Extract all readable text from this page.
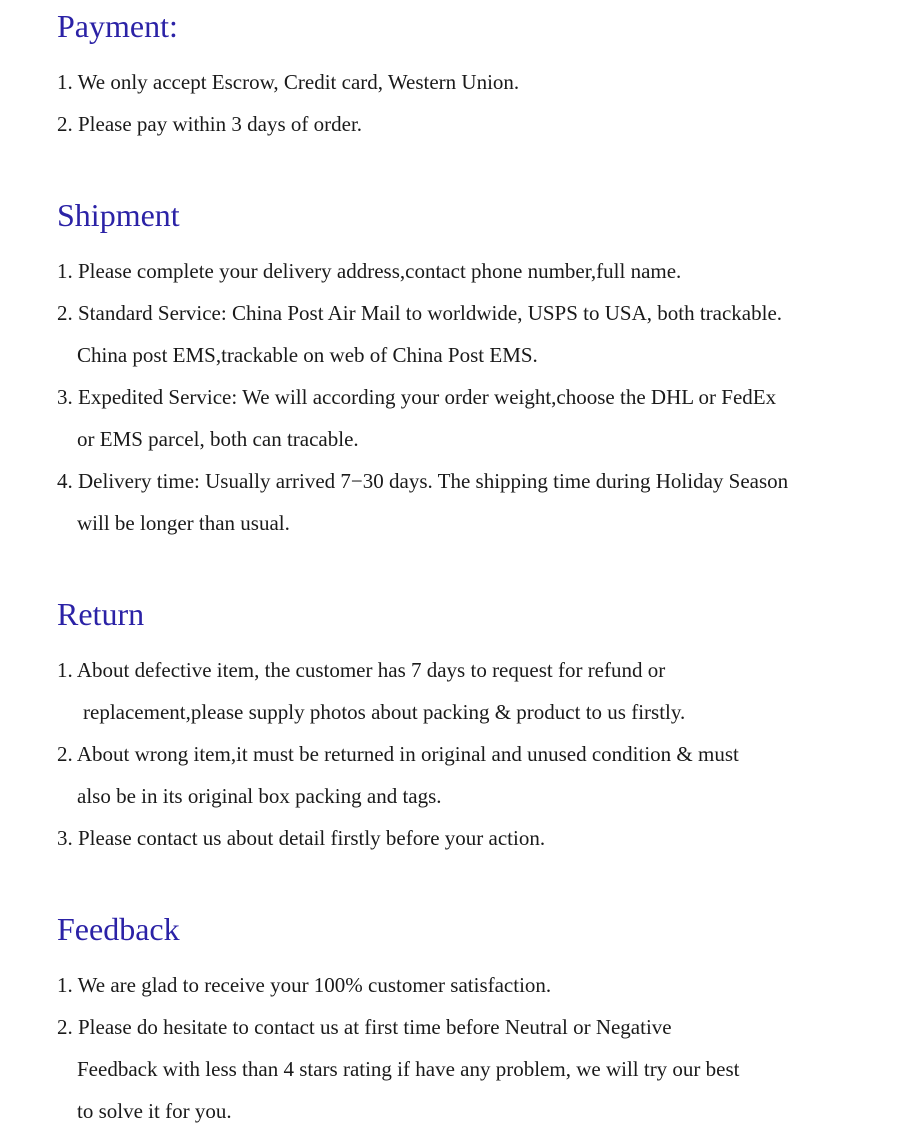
Payment:
1. We only accept Escrow, Credit card, Western Union.
2. Please pay within 3 days of order.
Shipment
1. Please complete your delivery address,contact phone number,full name.
2. Standard Service: China Post Air Mail to worldwide, USPS to USA, both trackable.
China post EMS,trackable on web of China Post EMS.
3. Expedited Service: We will according your order weight,choose the DHL or FedEx
or EMS parcel, both can tracable.
4. Delivery time: Usually arrived 7−30 days. The shipping time during Holiday Season
will be longer than usual.
Return
1. About defective item, the customer has 7 days to request for refund or
replacement,please supply photos about packing & product to us firstly.
2. About wrong item,it must be returned in original and unused condition & must
also be in its original box packing and tags.
3. Please contact us about detail firstly before your action.
Feedback
1. We are glad to receive your 100% customer satisfaction.
2. Please do hesitate to contact us at first time before Neutral or Negative
Feedback with less than 4 stars rating if have any problem, we will try our best
to solve it for you.
